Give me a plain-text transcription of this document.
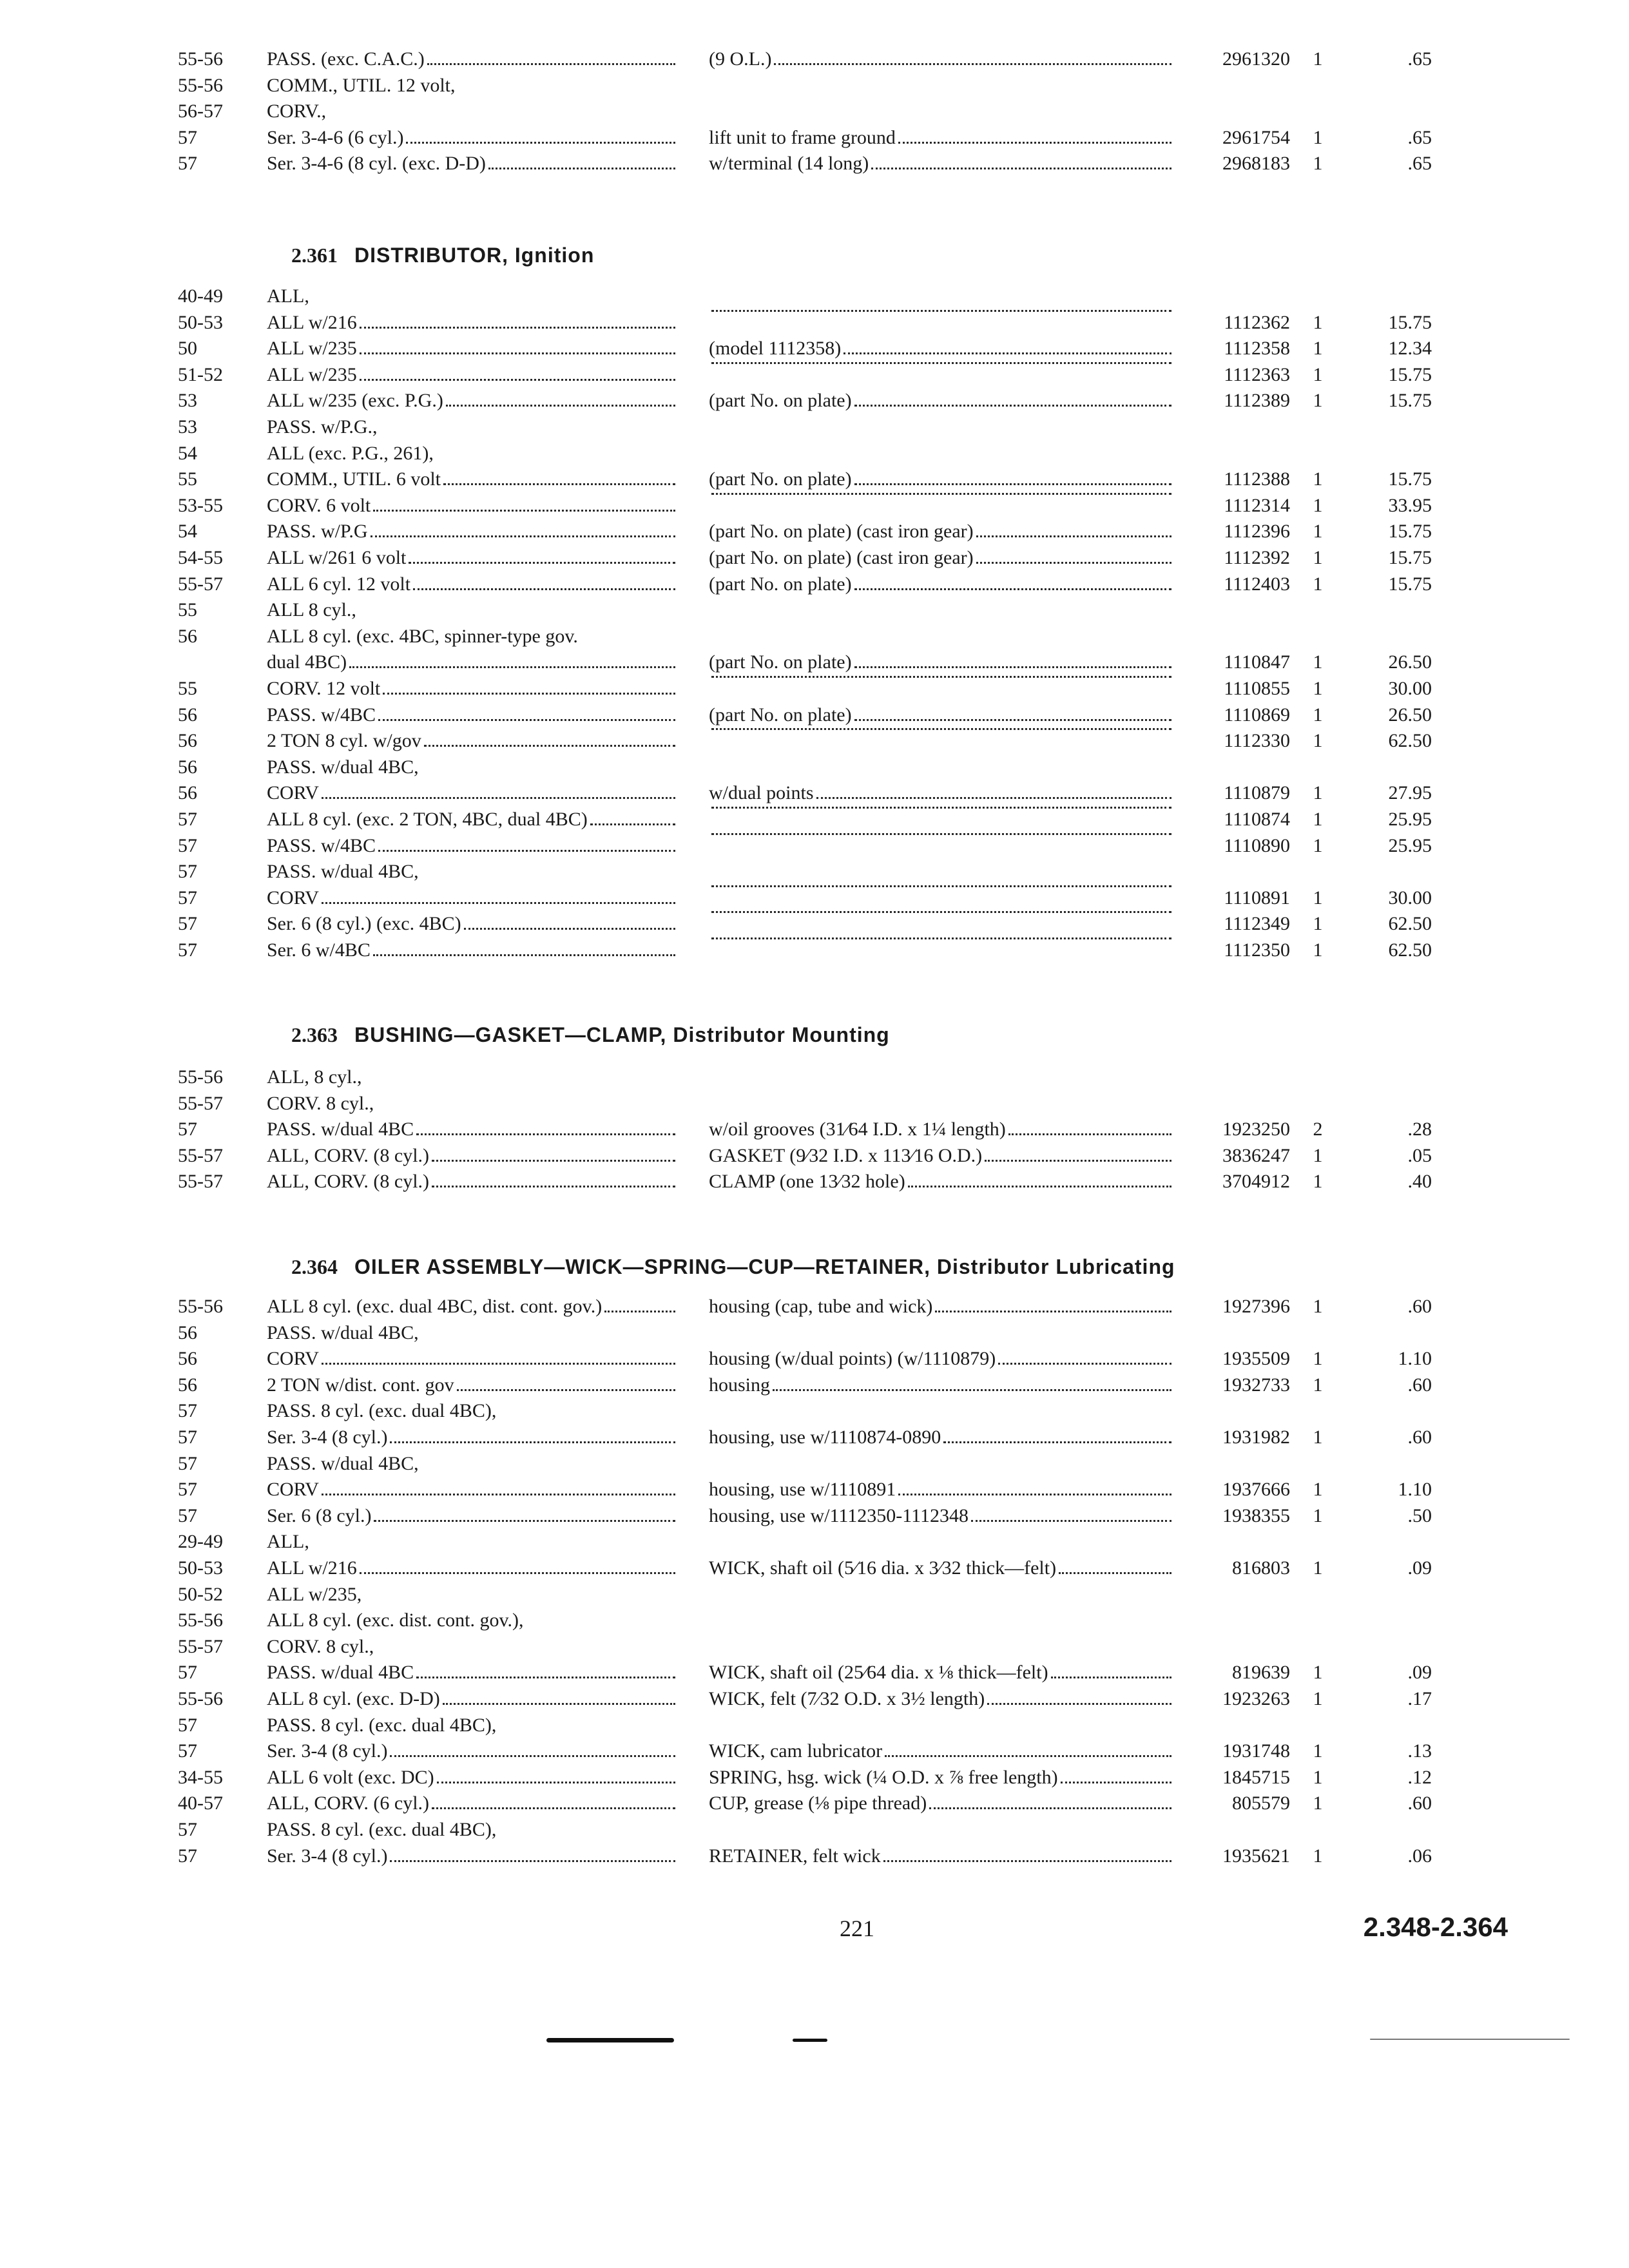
55-56	PASS. (exc. C.A.C.)	(9 O.L.)	2961320	1	.65
55-56	COMM., UTIL. 12 volt,
56-57	CORV.,
57	Ser. 3-4-6 (6 cyl.)	lift unit to frame ground	2961754	1	.65
57	Ser. 3-4-6 (8 cyl. (exc. D-D)	w/terminal (14 long)	2968183	1	.65
2.361 DISTRIBUTOR, Ignition
40-49	ALL,
50-53	ALL w/216	1112362	1	15.75
50	ALL w/235	(model 1112358)	1112358	1	12.34
51-52	ALL w/235	1112363	1	15.75
53	ALL w/235 (exc. P.G.)	(part No. on plate)	1112389	1	15.75
53	PASS. w/P.G.,
54	ALL (exc. P.G., 261),
55	COMM., UTIL. 6 volt	(part No. on plate)	1112388	1	15.75
53-55	CORV. 6 volt	1112314	1	33.95
54	PASS. w/P.G	(part No. on plate) (cast iron gear)	1112396	1	15.75
54-55	ALL w/261 6 volt	(part No. on plate) (cast iron gear)	1112392	1	15.75
55-57	ALL 6 cyl. 12 volt	(part No. on plate)	1112403	1	15.75
55	ALL 8 cyl.,
56	ALL 8 cyl. (exc. 4BC, spinner-type gov.
dual 4BC)	(part No. on plate)	1110847	1	26.50
55	CORV. 12 volt	1110855	1	30.00
56	PASS. w/4BC	(part No. on plate)	1110869	1	26.50
56	2 TON 8 cyl. w/gov	1112330	1	62.50
56	PASS. w/dual 4BC,
56	CORV	w/dual points	1110879	1	27.95
57	ALL 8 cyl. (exc. 2 TON, 4BC, dual 4BC)	1110874	1	25.95
57	PASS. w/4BC	1110890	1	25.95
57	PASS. w/dual 4BC,
57	CORV	1110891	1	30.00
57	Ser. 6 (8 cyl.) (exc. 4BC)	1112349	1	62.50
57	Ser. 6 w/4BC	1112350	1	62.50
2.363 BUSHING—GASKET—CLAMP, Distributor Mounting
55-56	ALL, 8 cyl.,
55-57	CORV. 8 cyl.,
57	PASS. w/dual 4BC	w/oil grooves (31⁄64 I.D. x 1¼ length)	1923250	2	.28
55-57	ALL, CORV. (8 cyl.)	GASKET (9⁄32 I.D. x 113⁄16 O.D.)	3836247	1	.05
55-57	ALL, CORV. (8 cyl.)	CLAMP (one 13⁄32 hole)	3704912	1	.40
2.364 OILER ASSEMBLY—WICK—SPRING—CUP—RETAINER, Distributor Lubricating
55-56	ALL 8 cyl. (exc. dual 4BC, dist. cont. gov.)	housing (cap, tube and wick)	1927396	1	.60
56	PASS. w/dual 4BC,
56	CORV	housing (w/dual points) (w/1110879)	1935509	1	1.10
56	2 TON w/dist. cont. gov	housing	1932733	1	.60
57	PASS. 8 cyl. (exc. dual 4BC),
57	Ser. 3-4 (8 cyl.)	housing, use w/1110874-0890	1931982	1	.60
57	PASS. w/dual 4BC,
57	CORV	housing, use w/1110891	1937666	1	1.10
57	Ser. 6 (8 cyl.)	housing, use w/1112350-1112348	1938355	1	.50
29-49	ALL,
50-53	ALL w/216	WICK, shaft oil (5⁄16 dia. x 3⁄32 thick—felt)	816803	1	.09
50-52	ALL w/235,
55-56	ALL 8 cyl. (exc. dist. cont. gov.),
55-57	CORV. 8 cyl.,
57	PASS. w/dual 4BC	WICK, shaft oil (25⁄64 dia. x ⅛ thick—felt)	819639	1	.09
55-56	ALL 8 cyl. (exc. D-D)	WICK, felt (7⁄32 O.D. x 3½ length)	1923263	1	.17
57	PASS. 8 cyl. (exc. dual 4BC),
57	Ser. 3-4 (8 cyl.)	WICK, cam lubricator	1931748	1	.13
34-55	ALL 6 volt (exc. DC)	SPRING, hsg. wick (¼ O.D. x ⅞ free length)	1845715	1	.12
40-57	ALL, CORV. (6 cyl.)	CUP, grease (⅛ pipe thread)	805579	1	.60
57	PASS. 8 cyl. (exc. dual 4BC),
57	Ser. 3-4 (8 cyl.)	RETAINER, felt wick	1935621	1	.06
221	2.348-2.364
